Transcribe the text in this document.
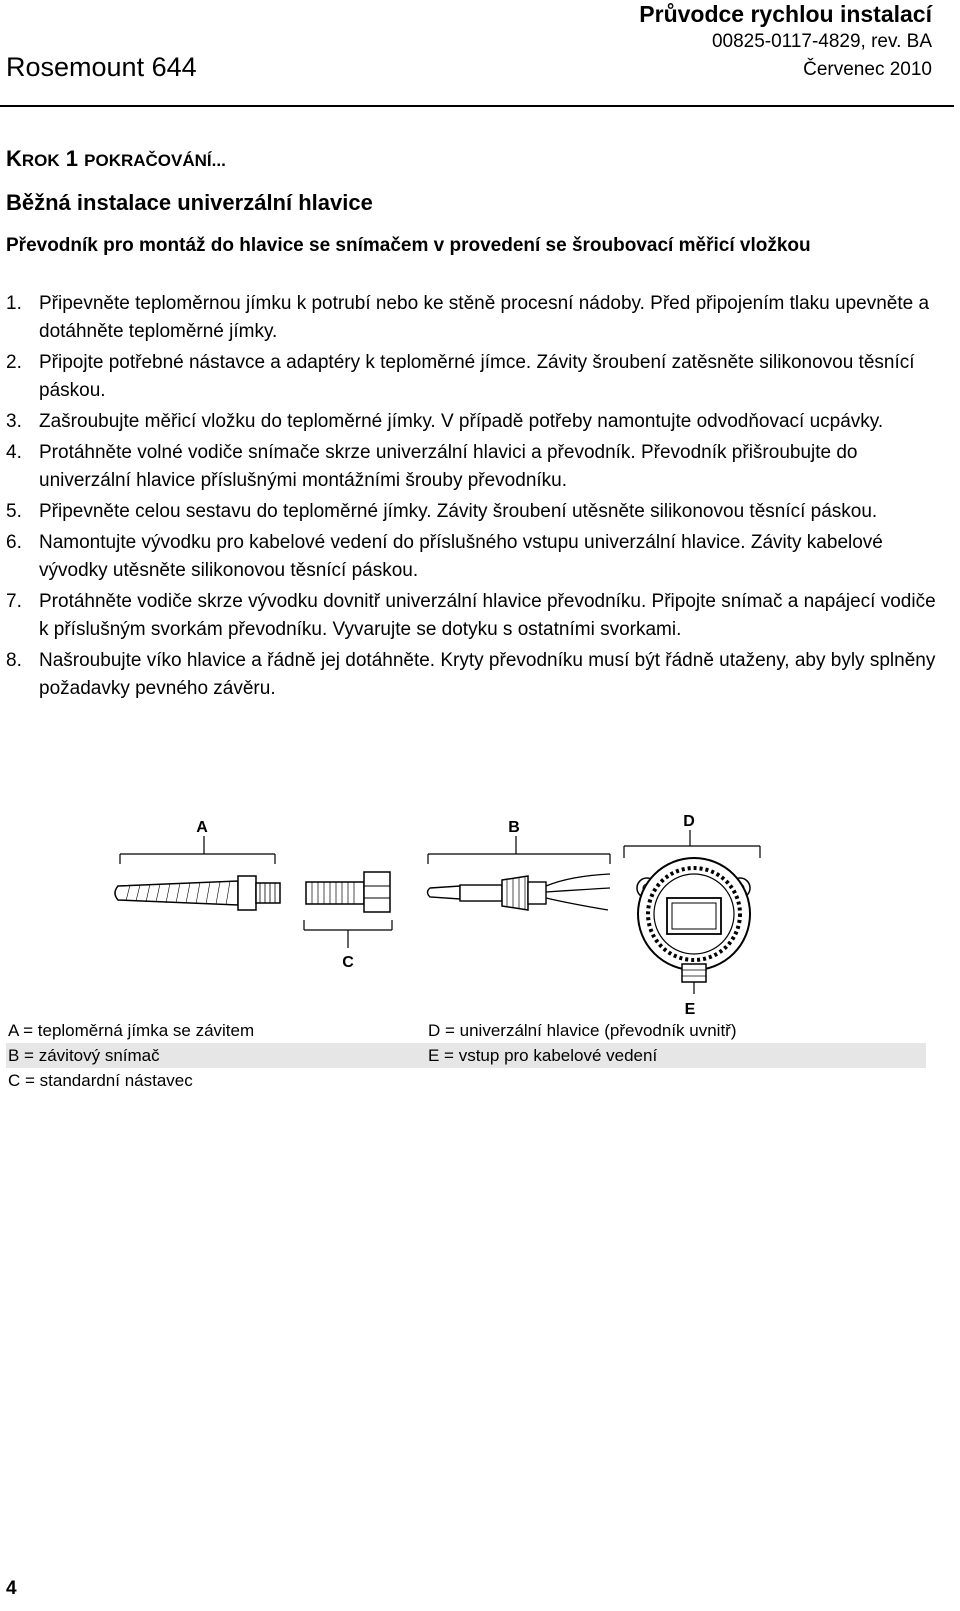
Rosemount 644
Průvodce rychlou instalací
00825-0117-4829, rev. BA
Červenec 2010
KROK 1 POKRAČOVÁNÍ...
Běžná instalace univerzální hlavice
Převodník pro montáž do hlavice se snímačem v provedení se šroubovací měřicí vložkou
1. Připevněte teploměrnou jímku k potrubí nebo ke stěně procesní nádoby. Před připojením tlaku upevněte a dotáhněte teploměrné jímky.
2. Připojte potřebné nástavce a adaptéry k teploměrné jímce. Závity šroubení zatěsněte silikonovou těsnící páskou.
3. Zašroubujte měřicí vložku do teploměrné jímky. V případě potřeby namontujte odvodňovací ucpávky.
4. Protáhněte volné vodiče snímače skrze univerzální hlavici a převodník. Převodník přišroubujte do univerzální hlavice příslušnými montážními šrouby převodníku.
5. Připevněte celou sestavu do teploměrné jímky. Závity šroubení utěsněte silikonovou těsnící páskou.
6. Namontujte vývodku pro kabelové vedení do příslušného vstupu univerzální hlavice. Závity kabelové vývodky utěsněte silikonovou těsnící páskou.
7. Protáhněte vodiče skrze vývodku dovnitř univerzální hlavice převodníku. Připojte snímač a napájecí vodiče k příslušným svorkám převodníku. Vyvarujte se dotyku s ostatními svorkami.
8. Našroubujte víko hlavice a řádně jej dotáhněte. Kryty převodníku musí být řádně utaženy, aby byly splněny požadavky pevného závěru.
A
C
B	D
E
A = teploměrná jímka se závitem	D = univerzální hlavice (převodník uvnitř)
B = závitový snímač	E = vstup pro kabelové vedení
C = standardní nástavec
4
